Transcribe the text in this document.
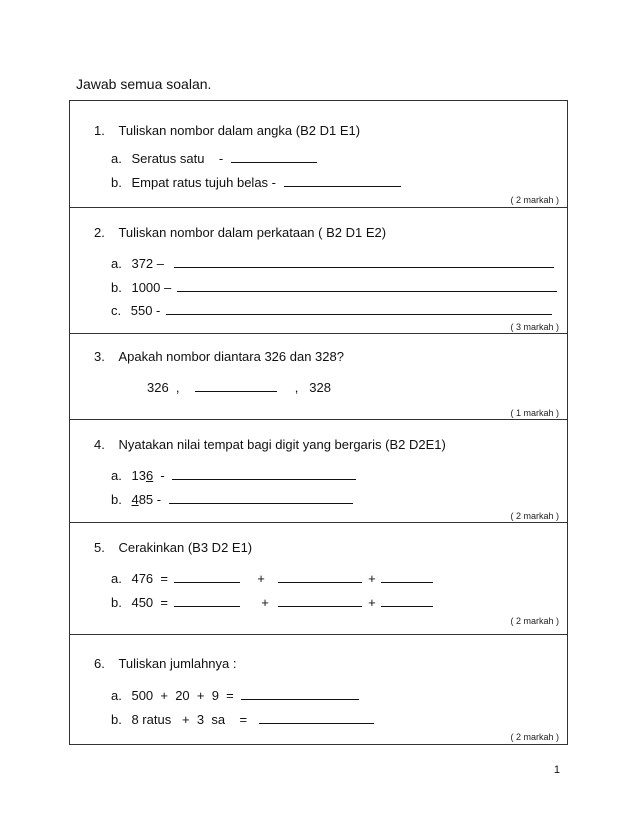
Jawab semua soalan.
1. Tuliskan nombor dalam angka (B2 D1 E1)
a. Seratus satu    -
b. Empat ratus tujuh belas -
( 2 markah )
2. Tuliskan nombor dalam perkataan ( B2 D1 E2)
a. 372 –
b. 1000 –
c. 550 -
( 3 markah )
3. Apakah nombor diantara 326 dan 328?
326  ,	,   328
( 1 markah )
4. Nyatakan nilai tempat bagi digit yang bergaris (B2 D2E1)
a. 136  -
b. 485 -
( 2 markah )
5. Cerakinkan (B3 D2 E1)
a. 476  =	+	+
b. 450  =	+	+
( 2 markah )
6. Tuliskan jumlahnya :
a. 500  +  20  +  9  =
b. 8 ratus   +  3  sa    =
( 2 markah )
1
